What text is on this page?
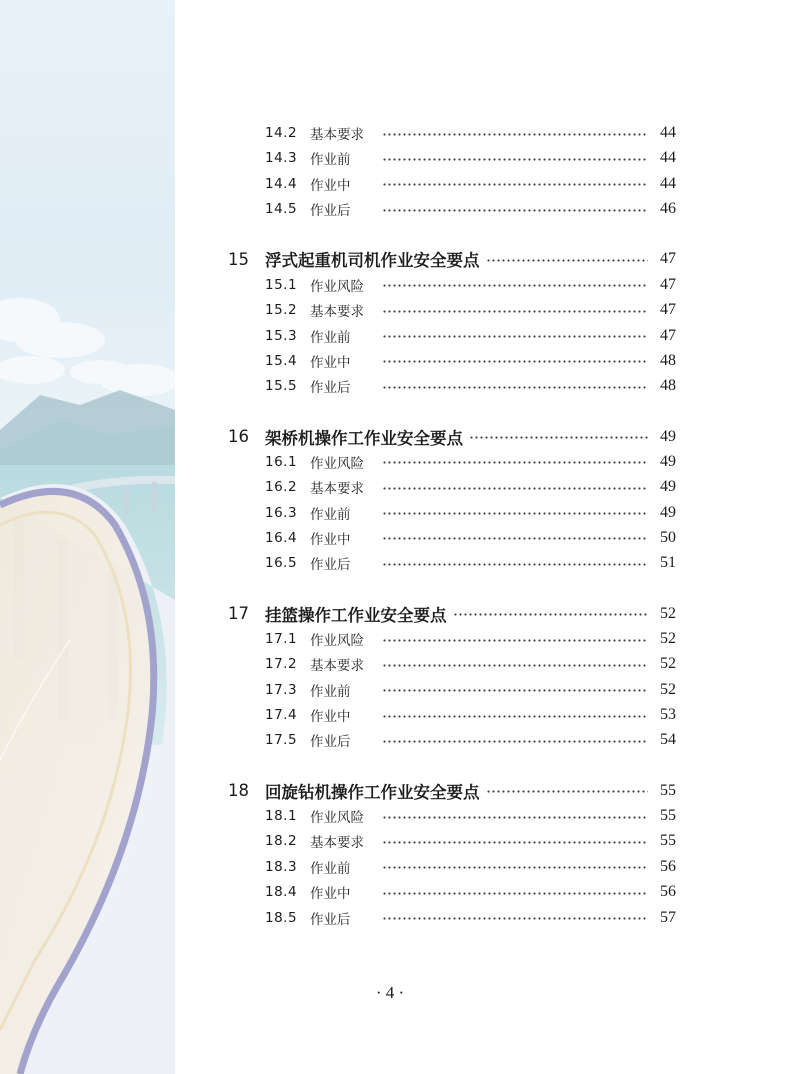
14.2 基本要求	44
14.3 作业前	44
14.4 作业中	44
14.5 作业后	46
15 浮式起重机司机作业安全要点	47
15.1 作业风险	47
15.2 基本要求	47
15.3 作业前	47
15.4 作业中	48
15.5 作业后	48
16 架桥机操作工作业安全要点	49
16.1 作业风险	49
16.2 基本要求	49
16.3 作业前	49
16.4 作业中	50
16.5 作业后	51
17 挂篮操作工作业安全要点	52
17.1 作业风险	52
17.2 基本要求	52
17.3 作业前	52
17.4 作业中	53
17.5 作业后	54
18 回旋钻机操作工作业安全要点	55
18.1 作业风险	55
18.2 基本要求	55
18.3 作业前	56
18.4 作业中	56
18.5 作业后	57
· 4 ·
